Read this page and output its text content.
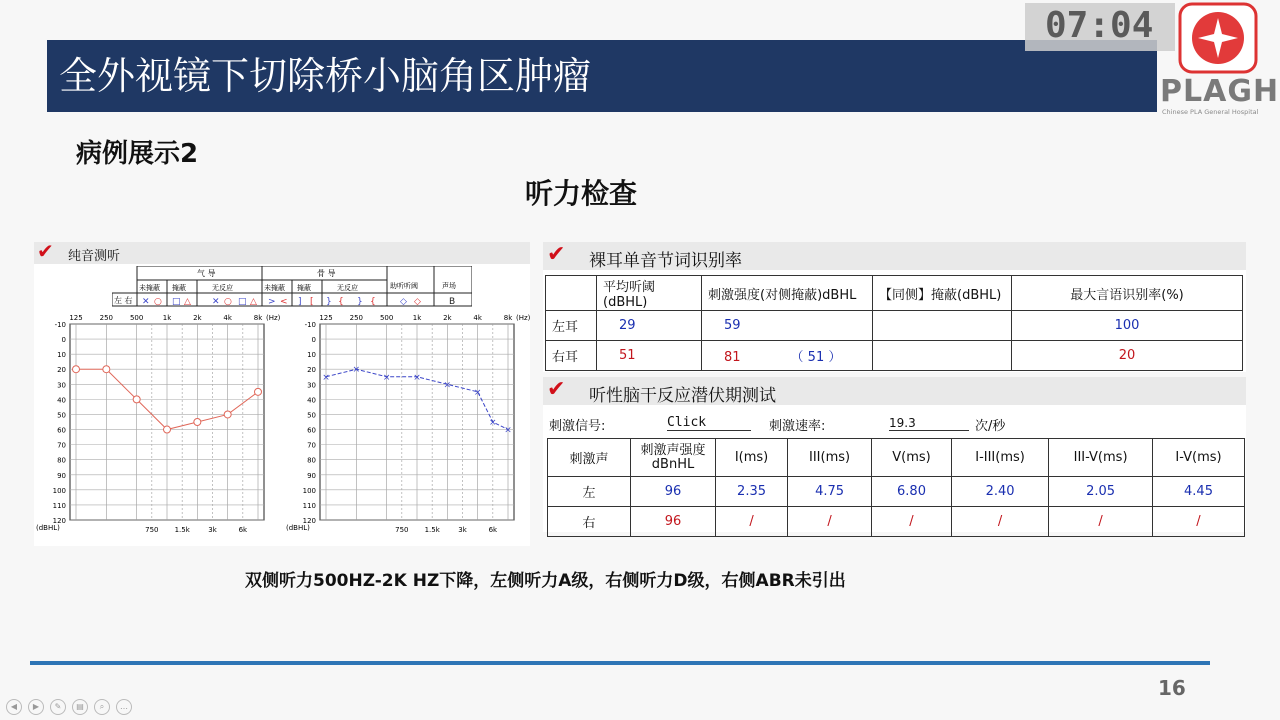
全外视镜下切除桥小脑角区肿瘤
07:04
PLAGH
Chinese PLA General Hospital
病例展示2
听力检查
✔ 纯音测听
气 导	骨 导
助听听阈	声场
未掩蔽 掩蔽	无反应	未掩蔽 掩蔽	无反应
左 右 ✕ ○ □ △ ✕ ○ □ △ > < ] [ } { } {	◇ ◇	B
-10
0
10
20
30
40
50
60
70
80
90
100
110
120
125 250 500	1k	2k	4k	8k (Hz)
750 1.5k	3k	6k
(dBHL)
-10
0
10
20
30
40
50
60
70
80
90
100
110
120
125 250 500	1k	2k	4k	8k (Hz)
750 1.5k	3k	6k
(dBHL)
×
×
×	×
×
×
×
×
✔ 裸耳单音节词识别率
	平均听阈(dBHL)	刺激强度(对侧掩蔽)dBHL	【同侧】掩蔽(dBHL)	最大言语识别率(%)
左耳	29	59		100
右耳	51	81 （ 51 ）		20
✔ 听性脑干反应潜伏期测试
刺激信号:	Click	刺激速率:	19.3	次/秒
刺激声	刺激声强度 dBnHL	I(ms)	III(ms)	V(ms)	I-III(ms)	III-V(ms)	I-V(ms)
左	96	2.35	4.75	6.80	2.40	2.05	4.45
右	96	/	/	/	/	/	/
双侧听力500HZ-2K HZ下降，左侧听力A级，右侧听力D级，右侧ABR未引出
16
◀	▶	✎	▤	⌕	…
